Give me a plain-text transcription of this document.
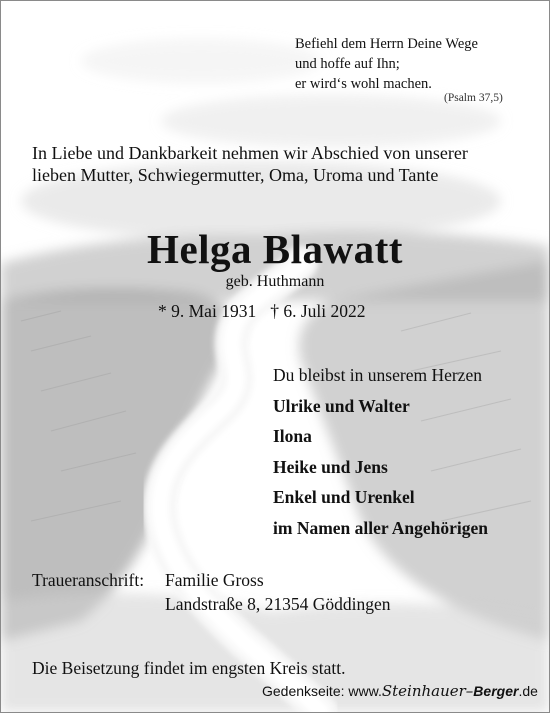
Befiehl dem Herrn Deine Wege
und hoffe auf Ihn;
er wird‘s wohl machen.
(Psalm 37,5)
In Liebe und Dankbarkeit nehmen wir Abschied von unserer
lieben Mutter, Schwiegermutter, Oma, Uroma und Tante
Helga Blawatt
geb. Huthmann
* 9. Mai 1931 † 6. Juli 2022
Du bleibst in unserem Herzen
Ulrike und Walter
Ilona
Heike und Jens
Enkel und Urenkel
im Namen aller Angehörigen
Traueranschrift: Familie Gross
Landstraße 8, 21354 Göddingen
Die Beisetzung findet im engsten Kreis statt.
Gedenkseite: www.Steinhauer–Berger.de
